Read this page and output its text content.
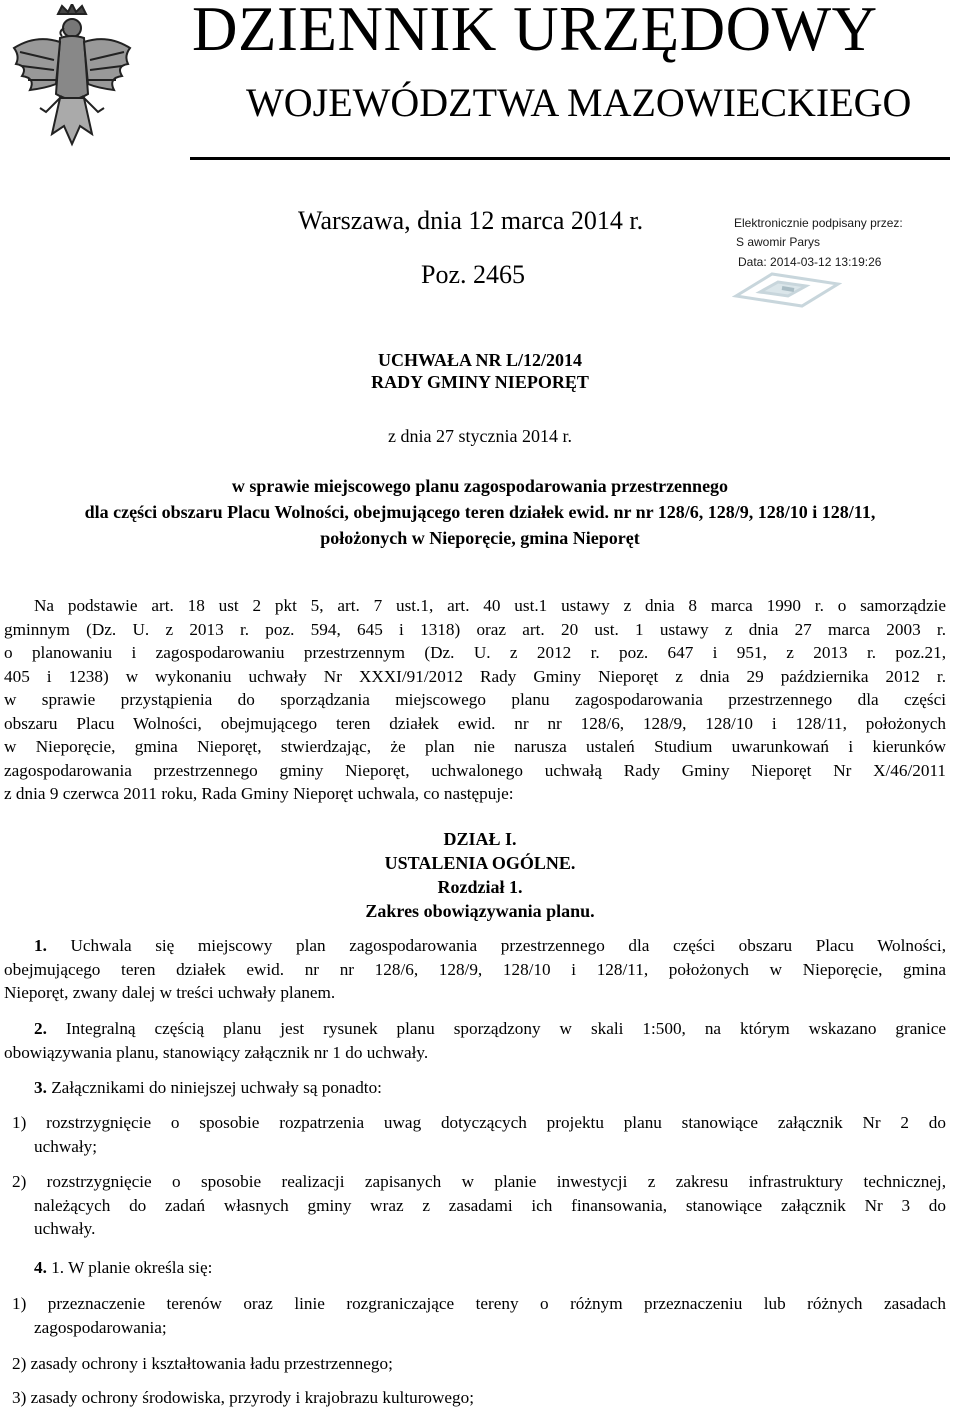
DZIENNIK URZĘDOWY
WOJEWÓDZTWA MAZOWIECKIEGO
Warszawa, dnia 12 marca 2014 r.
Poz. 2465
Elektronicznie podpisany przez:
S awomir Parys
Data: 2014-03-12 13:19:26
UCHWAŁA NR L/12/2014
RADY GMINY NIEPORĘT
z dnia 27 stycznia 2014 r.
w sprawie miejscowego planu zagospodarowania przestrzennego
dla części obszaru Placu Wolności, obejmującego teren działek ewid. nr nr 128/6, 128/9, 128/10 i 128/11,
położonych w Nieporęcie, gmina Nieporęt
Na podstawie art. 18 ust 2 pkt 5, art. 7 ust.1, art. 40 ust.1 ustawy z dnia 8 marca 1990 r. o samorządzie
gminnym (Dz. U. z 2013 r. poz. 594, 645 i 1318) oraz art. 20 ust. 1 ustawy z dnia 27 marca 2003 r.
o planowaniu i zagospodarowaniu przestrzennym (Dz. U. z 2012 r. poz. 647 i 951, z 2013 r. poz.21,
405 i 1238) w wykonaniu uchwały Nr XXXI/91/2012 Rady Gminy Nieporęt z dnia 29 października 2012 r.
w sprawie przystąpienia do sporządzania miejscowego planu zagospodarowania przestrzennego dla części
obszaru Placu Wolności, obejmującego teren działek ewid. nr nr 128/6, 128/9, 128/10 i 128/11, położonych
w Nieporęcie, gmina Nieporęt, stwierdzając, że plan nie narusza ustaleń Studium uwarunkowań i kierunków
zagospodarowania przestrzennego gminy Nieporęt, uchwalonego uchwałą Rady Gminy Nieporęt Nr X/46/2011
z dnia 9 czerwca 2011 roku, Rada Gminy Nieporęt uchwala, co następuje:
DZIAŁ I.
USTALENIA OGÓLNE.
Rozdział 1.
Zakres obowiązywania planu.
1. Uchwala się miejscowy plan zagospodarowania przestrzennego dla części obszaru Placu Wolności,
obejmującego teren działek ewid. nr nr 128/6, 128/9, 128/10 i 128/11, położonych w Nieporęcie, gmina
Nieporęt, zwany dalej w treści uchwały planem.
2. Integralną częścią planu jest rysunek planu sporządzony w skali 1:500, na którym wskazano granice
obowiązywania planu, stanowiący załącznik nr 1 do uchwały.
3. Załącznikami do niniejszej uchwały są ponadto:
1) rozstrzygnięcie o sposobie rozpatrzenia uwag dotyczących projektu planu stanowiące załącznik Nr 2 do
uchwały;
2) rozstrzygnięcie o sposobie realizacji zapisanych w planie inwestycji z zakresu infrastruktury technicznej,
należących do zadań własnych gminy wraz z zasadami ich finansowania, stanowiące załącznik Nr 3 do
uchwały.
4. 1. W planie określa się:
1) przeznaczenie terenów oraz linie rozgraniczające tereny o różnym przeznaczeniu lub różnych zasadach
zagospodarowania;
2) zasady ochrony i kształtowania ładu przestrzennego;
3) zasady ochrony środowiska, przyrody i krajobrazu kulturowego;
